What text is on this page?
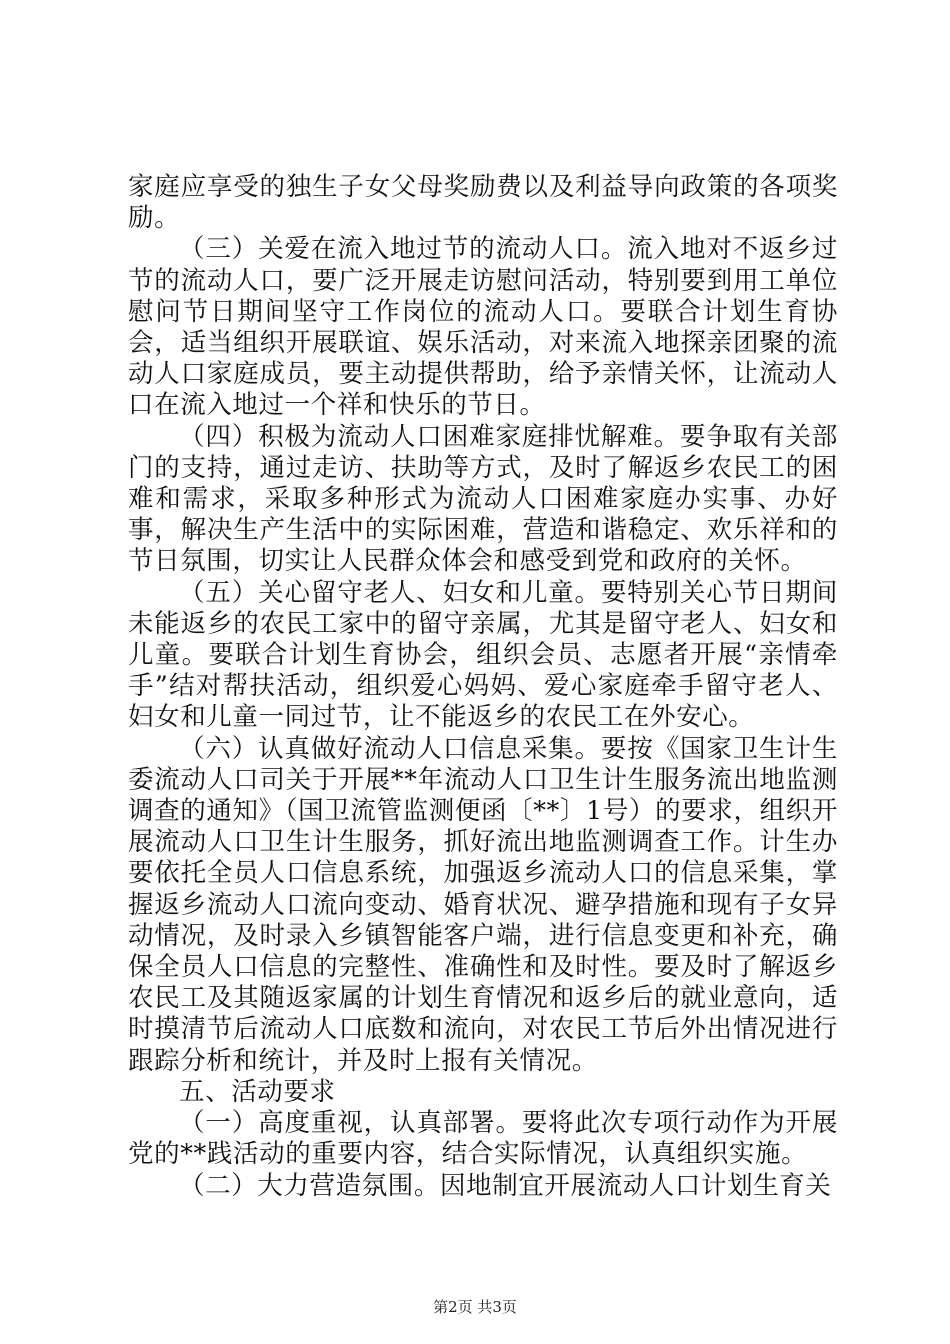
家庭应享受的独生子女父母奖励费以及利益导向政策的各项奖励。

（三）关爱在流入地过节的流动人口。流入地对不返乡过节的流动人口，要广泛开展走访慰问活动，特别要到用工单位慰问节日期间坚守工作岗位的流动人口。要联合计划生育协会，适当组织开展联谊、娱乐活动，对来流入地探亲团聚的流动人口家庭成员，要主动提供帮助，给予亲情关怀，让流动人口在流入地过一个祥和快乐的节日。

（四）积极为流动人口困难家庭排忧解难。要争取有关部门的支持，通过走访、扶助等方式，及时了解返乡农民工的困难和需求，采取多种形式为流动人口困难家庭办实事、办好事，解决生产生活中的实际困难，营造和谐稳定、欢乐祥和的节日氛围，切实让人民群众体会和感受到党和政府的关怀。

（五）关心留守老人、妇女和儿童。要特别关心节日期间未能返乡的农民工家中的留守亲属，尤其是留守老人、妇女和儿童。要联合计划生育协会，组织会员、志愿者开展“亲情牵手”结对帮扶活动，组织爱心妈妈、爱心家庭牵手留守老人、妇女和儿童一同过节，让不能返乡的农民工在外安心。

（六）认真做好流动人口信息采集。要按《国家卫生计生委流动人口司关于开展**年流动人口卫生计生服务流出地监测调查的通知》（国卫流管监测便函〔**〕1号）的要求，组织开展流动人口卫生计生服务，抓好流出地监测调查工作。计生办要依托全员人口信息系统，加强返乡流动人口的信息采集，掌握返乡流动人口流向变动、婚育状况、避孕措施和现有子女异动情况，及时录入乡镇智能客户端，进行信息变更和补充，确保全员人口信息的完整性、准确性和及时性。要及时了解返乡农民工及其随返家属的计划生育情况和返乡后的就业意向，适时摸清节后流动人口底数和流向，对农民工节后外出情况进行跟踪分析和统计，并及时上报有关情况。

五、活动要求

（一）高度重视，认真部署。要将此次专项行动作为开展党的**践活动的重要内容，结合实际情况，认真组织实施。

（二）大力营造氛围。因地制宜开展流动人口计划生育关

第2页 共3页
